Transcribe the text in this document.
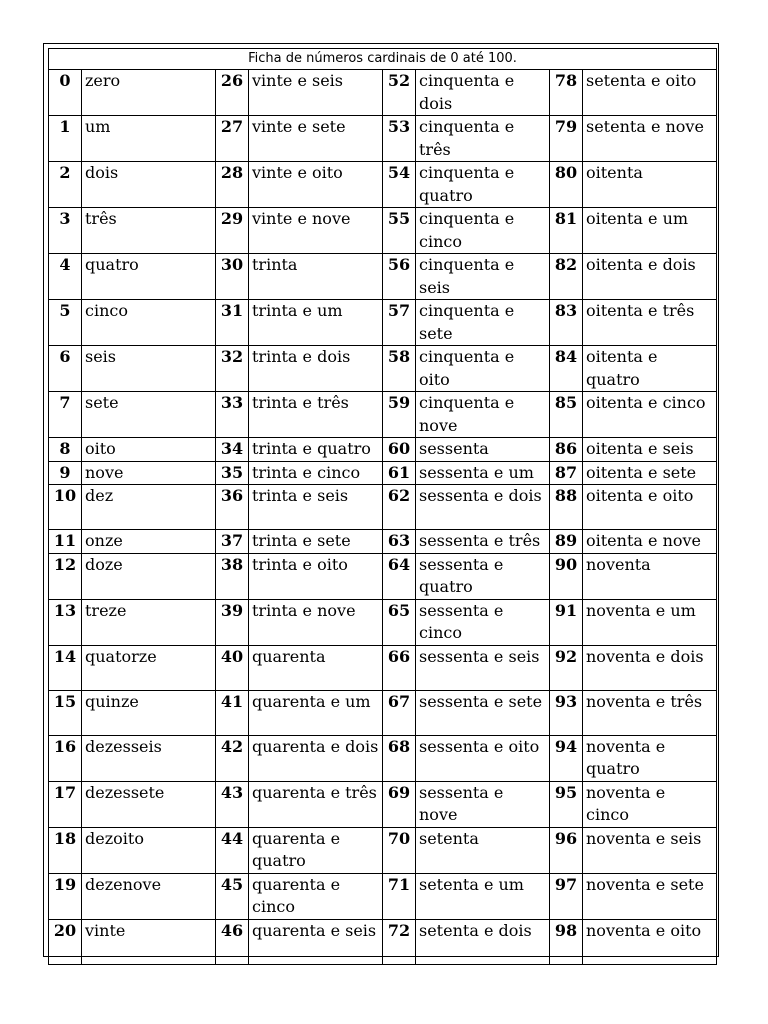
Ficha de números cardinais de 0 até 100.							
0	zero	26	vinte e seis	52	cinquenta e dois	78	setenta e oito
1	um	27	vinte e sete	53	cinquenta e três	79	setenta e nove
2	dois	28	vinte e oito	54	cinquenta e quatro	80	oitenta
3	três	29	vinte e nove	55	cinquenta e cinco	81	oitenta e um
4	quatro	30	trinta	56	cinquenta e seis	82	oitenta e dois
5	cinco	31	trinta e um	57	cinquenta e sete	83	oitenta e três
6	seis	32	trinta e dois	58	cinquenta e oito	84	oitenta e quatro
7	sete	33	trinta e três	59	cinquenta e nove	85	oitenta e cinco
8	oito	34	trinta e quatro	60	sessenta	86	oitenta e seis
9	nove	35	trinta e cinco	61	sessenta e um	87	oitenta e sete
10	dez	36	trinta e seis	62	sessenta e dois	88	oitenta e oito
11	onze	37	trinta e sete	63	sessenta e três	89	oitenta e nove
12	doze	38	trinta e oito	64	sessenta e quatro	90	noventa
13	treze	39	trinta e nove	65	sessenta e cinco	91	noventa e um
14	quatorze	40	quarenta	66	sessenta e seis	92	noventa e dois
15	quinze	41	quarenta e um	67	sessenta e sete	93	noventa e três
16	dezesseis	42	quarenta e dois	68	sessenta e oito	94	noventa e quatro
17	dezessete	43	quarenta e três	69	sessenta e nove	95	noventa e cinco
18	dezoito	44	quarenta e quatro	70	setenta	96	noventa e seis
19	dezenove	45	quarenta e cinco	71	setenta e um	97	noventa e sete
20	vinte	46	quarenta e seis	72	setenta e dois	98	noventa e oito
